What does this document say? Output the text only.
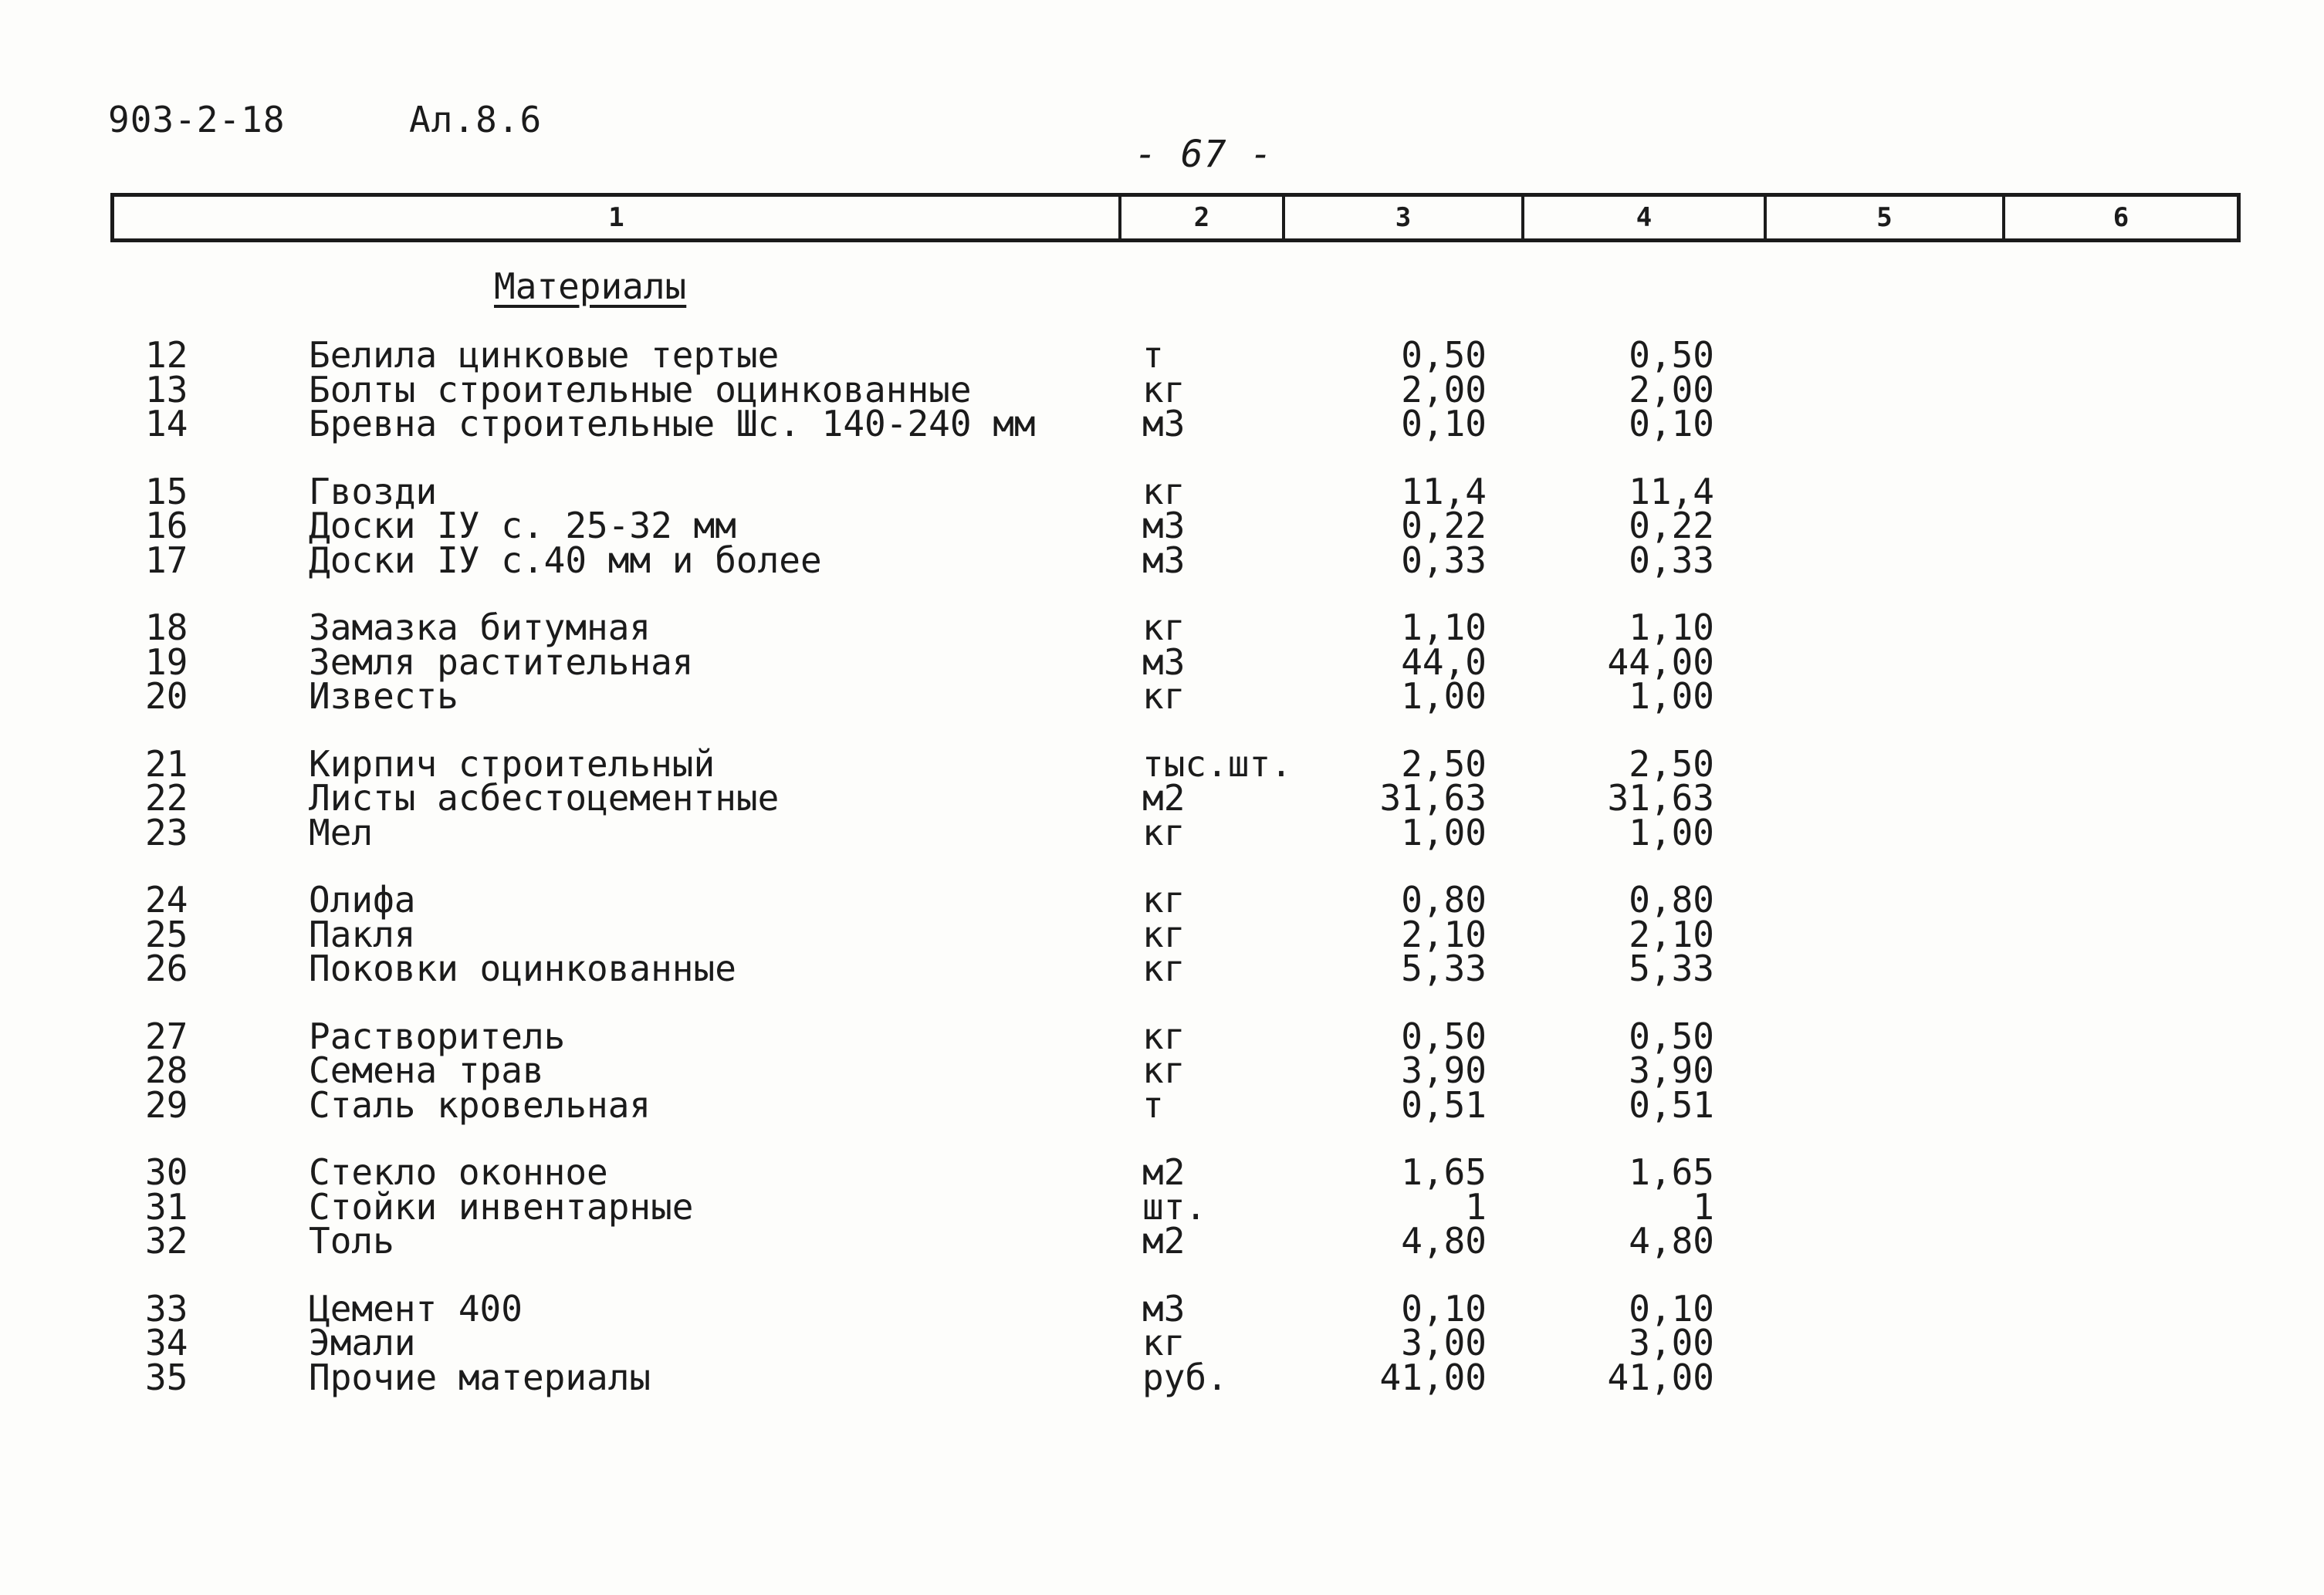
903-2-18	Ал.8.6
- 67 -
1	2	3	4	5	6
Материалы
12	Белила цинковые тертые	т	0,50	0,50
13	Болты строительные оцинкованные	кг	2,00	2,00
14	Бревна строительные Шс. 140-240 мм	м3	0,10	0,10
15	Гвозди	кг	11,4	11,4
16	Доски IУ с. 25-32 мм	м3	0,22	0,22
17	Доски IУ с.40 мм и более	м3	0,33	0,33
18	Замазка битумная	кг	1,10	1,10
19	Земля растительная	м3	44,0	44,00
20	Известь	кг	1,00	1,00
21	Кирпич строительный	тыс.шт.	2,50	2,50
22	Листы асбестоцементные	м2	31,63	31,63
23	Мел	кг	1,00	1,00
24	Олифа	кг	0,80	0,80
25	Пакля	кг	2,10	2,10
26	Поковки оцинкованные	кг	5,33	5,33
27	Растворитель	кг	0,50	0,50
28	Семена трав	кг	3,90	3,90
29	Сталь кровельная	т	0,51	0,51
30	Стекло оконное	м2	1,65	1,65
31	Стойки инвентарные	шт.	1	1
32	Толь	м2	4,80	4,80
33	Цемент 400	м3	0,10	0,10
34	Эмали	кг	3,00	3,00
35	Прочие материалы	руб.	41,00	41,00
